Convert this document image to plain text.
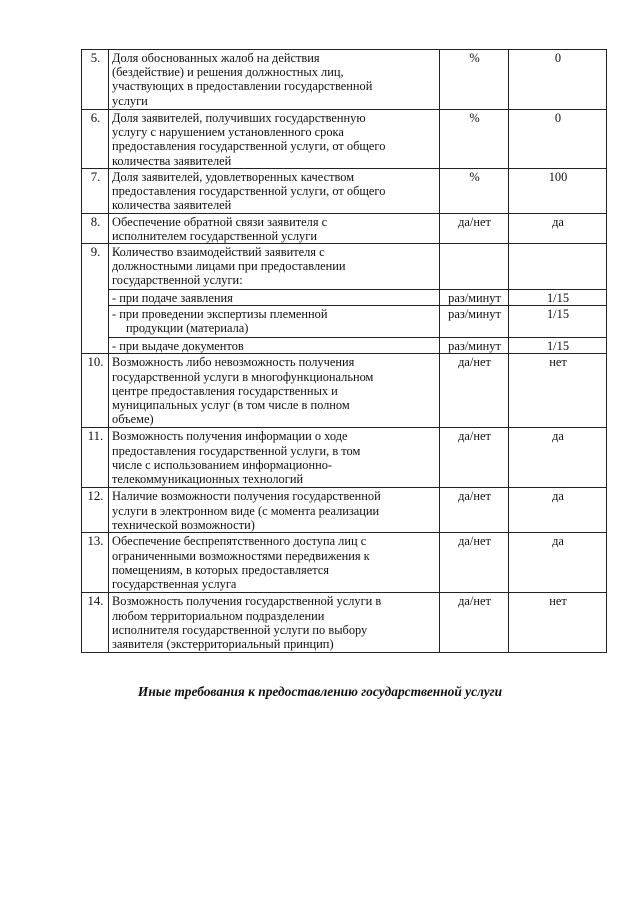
5.	Доля обоснованных жалоб на действия
(бездействие) и решения должностных лиц,
участвующих в предоставлении государственной
услуги	%	0
6.	Доля заявителей, получивших государственную
услугу с нарушением установленного срока
предоставления государственной услуги, от общего
количества заявителей	%	0
7.	Доля заявителей, удовлетворенных качеством
предоставления государственной услуги, от общего
количества заявителей	%	100
8.	Обеспечение обратной связи заявителя с
исполнителем государственной услуги	да/нет	да
9.	Количество взаимодействий заявителя с
должностными лицами при предоставлении
государственной услуги:		

	- при подаче заявления	раз/минут	1/15

	- при проведении экспертизы племенной
продукции (материала)	раз/минут	1/15

	- при выдаче документов	раз/минут	1/15
10.	Возможность либо невозможность получения
государственной услуги в многофункциональном
центре предоставления государственных и
муниципальных услуг (в том числе в полном
объеме)	да/нет	нет
11.	Возможность получения информации о ходе
предоставления государственной услуги, в том
числе с использованием информационно-
телекоммуникационных технологий	да/нет	да
12.	Наличие возможности получения государственной
услуги в электронном виде (с момента реализации
технической возможности)	да/нет	да
13.	Обеспечение беспрепятственного доступа лиц с
ограниченными возможностями передвижения к
помещениям, в которых предоставляется
государственная услуга	да/нет	да
14.	Возможность получения государственной услуги в
любом территориальном подразделении
исполнителя государственной услуги по выбору
заявителя (экстерриториальный принцип)	да/нет	нет
Иные требования к предоставлению государственной услуги
